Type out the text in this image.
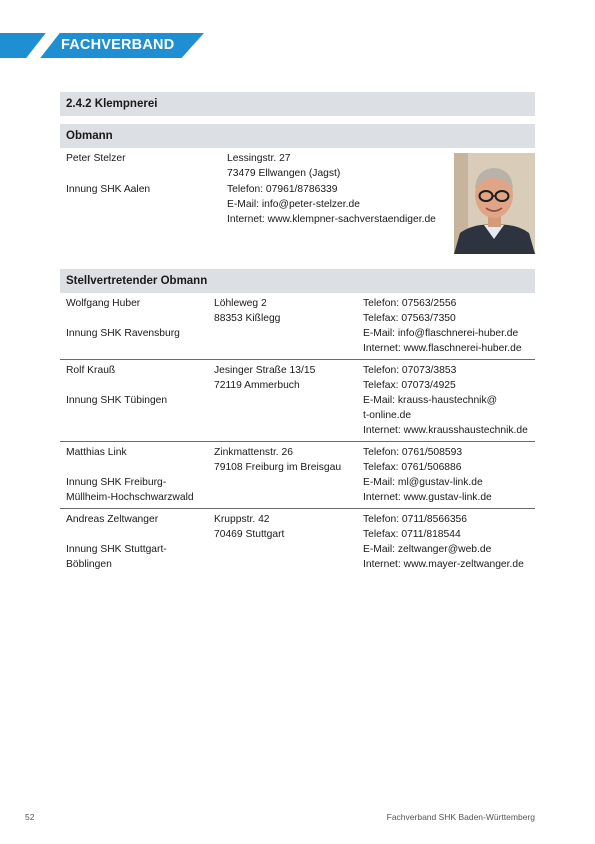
FACHVERBAND
2.4.2 Klempnerei
Obmann
Peter Stelzer
Innung SHK Aalen
Lessingstr. 27
73479 Ellwangen (Jagst)
Telefon: 07961/8786339
E-Mail: info@peter-stelzer.de
Internet: www.klempner-sachverstaendiger.de
Stellvertretender Obmann
Wolfgang Huber
Innung SHK Ravensburg
Löhleweg 2
88353 Kißlegg
Telefon: 07563/2556
Telefax: 07563/7350
E-Mail: info@flaschnerei-huber.de
Internet: www.flaschnerei-huber.de
Rolf Krauß
Innung SHK Tübingen
Jesinger Straße 13/15
72119 Ammerbuch
Telefon: 07073/3853
Telefax: 07073/4925
E-Mail: krauss-haustechnik@
t-online.de
Internet: www.krausshaustechnik.de
Matthias Link
Innung SHK Freiburg-
Müllheim-Hochschwarzwald
Zinkmattenstr. 26
79108 Freiburg im Breisgau
Telefon: 0761/508593
Telefax: 0761/506886
E-Mail: ml@gustav-link.de
Internet: www.gustav-link.de
Andreas Zeltwanger
Innung SHK Stuttgart-
Böblingen
Kruppstr. 42
70469 Stuttgart
Telefon: 0711/8566356
Telefax: 0711/818544
E-Mail: zeltwanger@web.de
Internet: www.mayer-zeltwanger.de
52	Fachverband SHK Baden-Württemberg
